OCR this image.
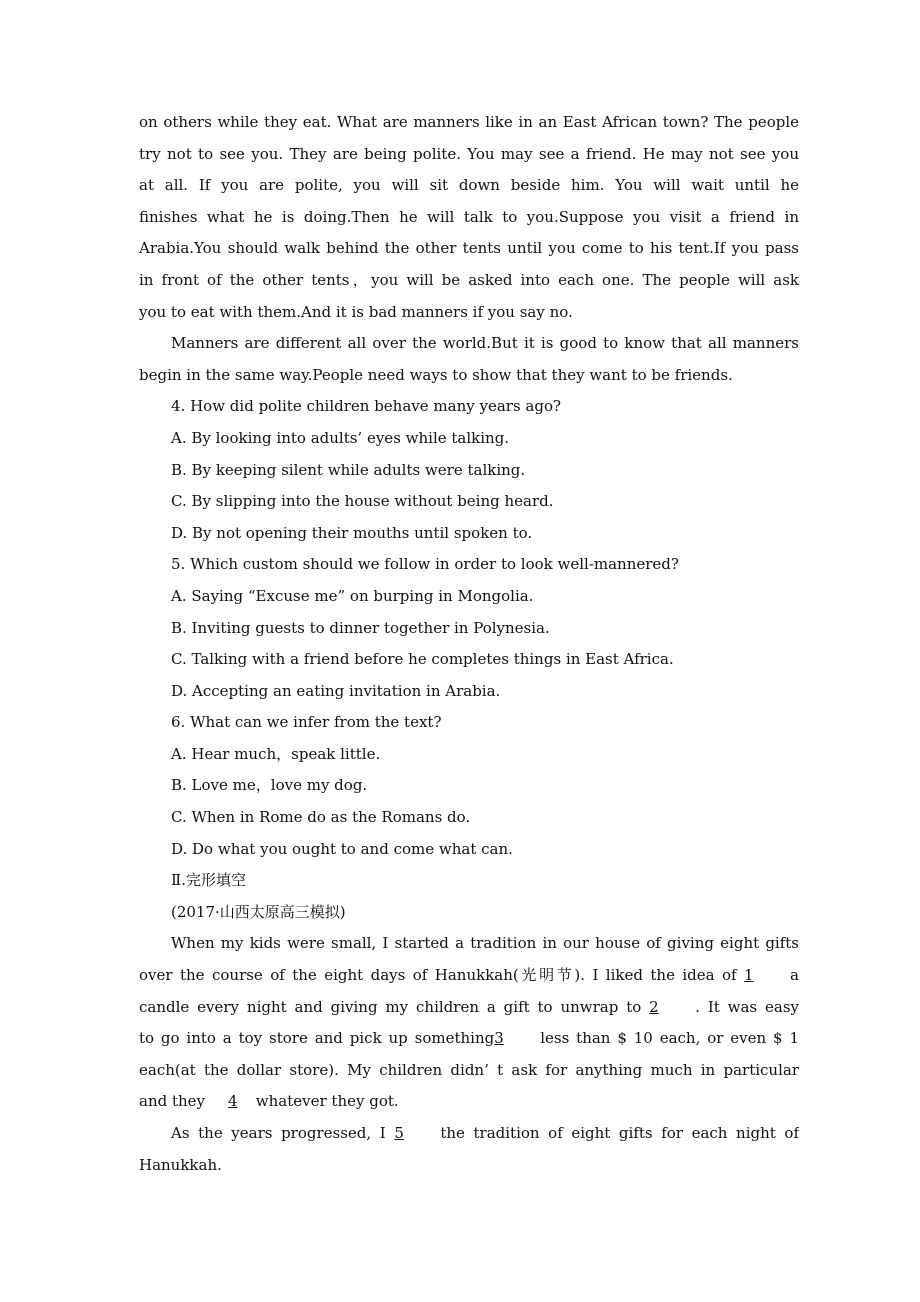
on others while they eat. What are manners like in an East African town? The people
try not to see you. They are being polite. You may see a friend. He may not see you
at all. If you are polite, you will sit down beside him. You will wait until he
finishes what he is doing.Then he will talk to you.Suppose you visit a friend in
Arabia.You should walk behind the other tents until you come to his tent.If you pass
in front of the other tents，you will be asked into each one. The people will ask
you to eat with them.And it is bad manners if you say no.
Manners are different all over the world.But it is good to know that all manners
begin in the same way.People need ways to show that they want to be friends.
4. How did polite children behave many years ago?
A. By looking into adults’ eyes while talking.
B. By keeping silent while adults were talking.
C. By slipping into the house without being heard.
D. By not opening their mouths until spoken to.
5. Which custom should we follow in order to look well-mannered?
A. Saying “Excuse me” on burping in Mongolia.
B. Inviting guests to dinner together in Polynesia.
C. Talking with a friend before he completes things in East Africa.
D. Accepting an eating invitation in Arabia.
6. What can we infer from the text?
A. Hear much，speak little.
B. Love me，love my dog.
C. When in Rome do as the Romans do.
D. Do what you ought to and come what can.
Ⅱ.完形填空
(2017·山西太原高三模拟)
When my kids were small, I started a tradition in our house of giving eight gifts
over the course of the eight days of Hanukkah(光明节). I liked the idea of 1 a
candle every night and giving my children a gift to unwrap to 2 . It was easy
to go into a toy store and pick up something3 less than $ 10 each, or even $ 1
each(at the dollar store). My children didn’ t ask for anything much in particular
and they 4 whatever they got.
As the years progressed, I 5 the tradition of eight gifts for each night of
Hanukkah.
